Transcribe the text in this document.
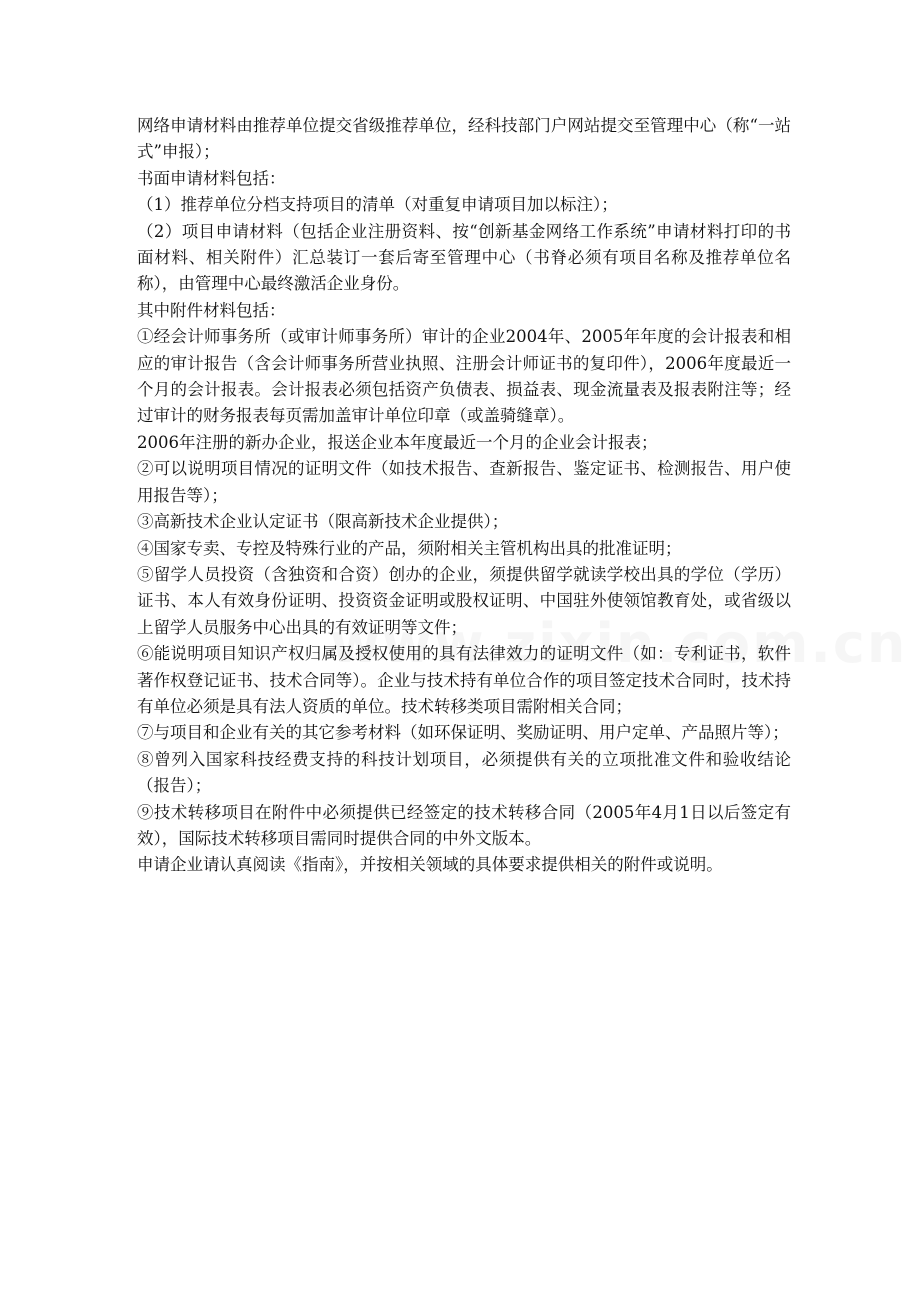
网络申请材料由推荐单位提交省级推荐单位，经科技部门户网站提交至管理中心（称“一站式”申报）；

书面申请材料包括：

（1）推荐单位分档支持项目的清单（对重复申请项目加以标注）；

（2）项目申请材料（包括企业注册资料、按“创新基金网络工作系统”申请材料打印的书面材料、相关附件）汇总装订一套后寄至管理中心（书脊必须有项目名称及推荐单位名称），由管理中心最终激活企业身份。

其中附件材料包括：

①经会计师事务所（或审计师事务所）审计的企业2004年、2005年年度的会计报表和相应的审计报告（含会计师事务所营业执照、注册会计师证书的复印件），2006年度最近一个月的会计报表。会计报表必须包括资产负债表、损益表、现金流量表及报表附注等；经过审计的财务报表每页需加盖审计单位印章（或盖骑缝章）。

2006年注册的新办企业，报送企业本年度最近一个月的企业会计报表；

②可以说明项目情况的证明文件（如技术报告、查新报告、鉴定证书、检测报告、用户使用报告等）；

③高新技术企业认定证书（限高新技术企业提供）；

④国家专卖、专控及特殊行业的产品，须附相关主管机构出具的批准证明；

⑤留学人员投资（含独资和合资）创办的企业，须提供留学就读学校出具的学位（学历）证书、本人有效身份证明、投资资金证明或股权证明、中国驻外使领馆教育处，或省级以上留学人员服务中心出具的有效证明等文件；

⑥能说明项目知识产权归属及授权使用的具有法律效力的证明文件（如：专利证书，软件著作权登记证书、技术合同等）。企业与技术持有单位合作的项目签定技术合同时，技术持有单位必须是具有法人资质的单位。技术转移类项目需附相关合同；

⑦与项目和企业有关的其它参考材料（如环保证明、奖励证明、用户定单、产品照片等）；

⑧曾列入国家科技经费支持的科技计划项目，必须提供有关的立项批准文件和验收结论（报告）；

⑨技术转移项目在附件中必须提供已经签定的技术转移合同（2005年4月1日以后签定有效），国际技术转移项目需同时提供合同的中外文版本。

申请企业请认真阅读《指南》，并按相关领域的具体要求提供相关的附件或说明。
